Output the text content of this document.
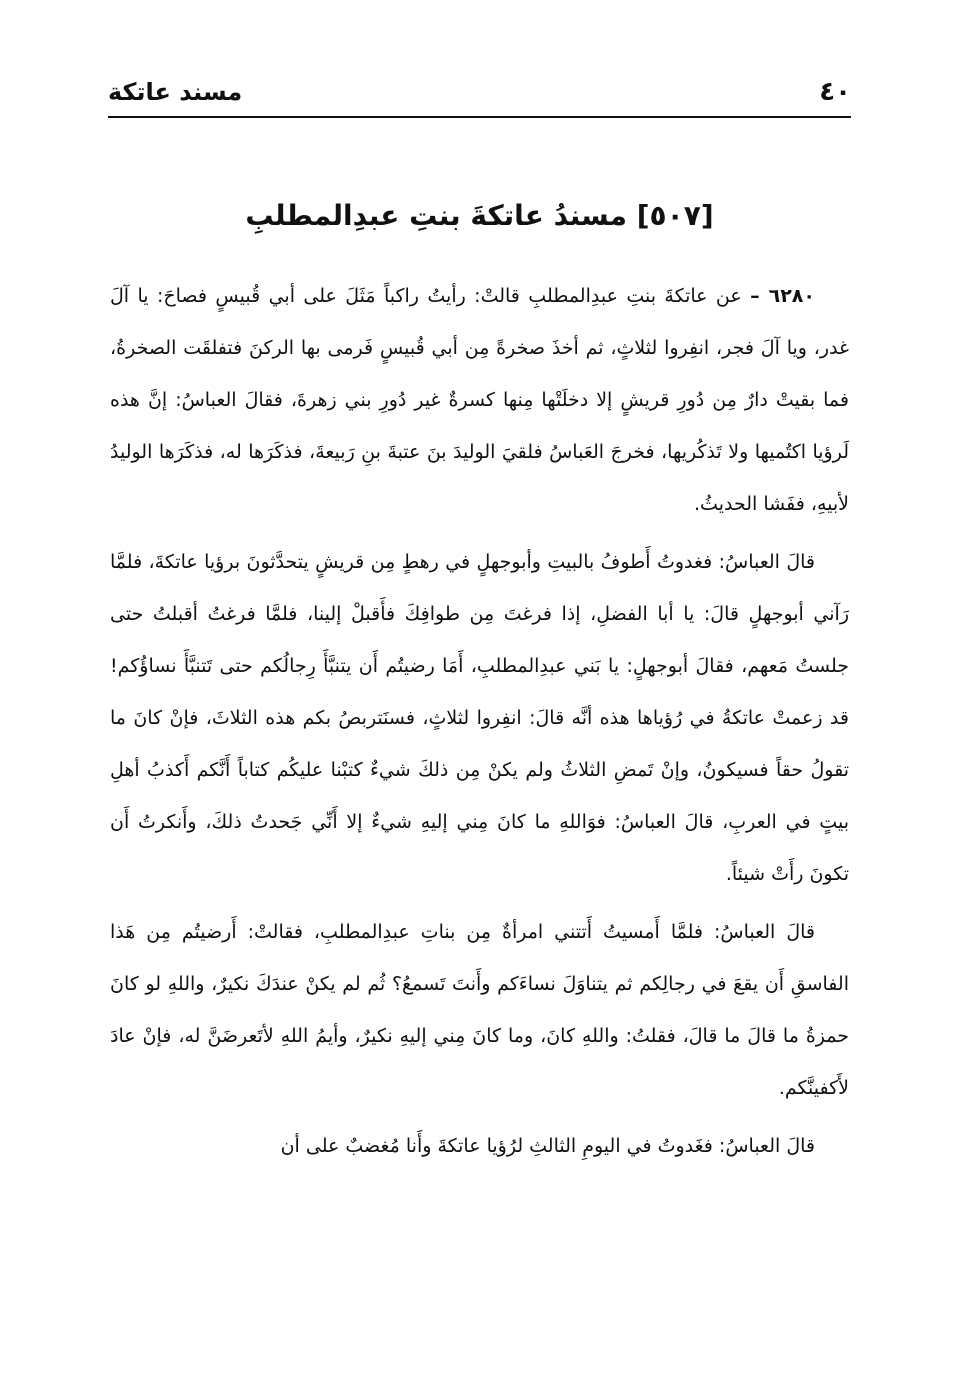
٤٠
مسند عاتكة
[٥٠٧] مسندُ عاتكةَ بنتِ عبدِالمطلبِ

٦٢٨٠ – عن عاتكةَ بنتِ عبدِالمطلبِ قالتْ: رأيتُ راكباً مَثَلَ على أبي قُبيسٍ فصاحَ: يا آلَ غدر، ويا آلَ فجر، انفِروا لثلاثٍ، ثم أخذَ صخرةً مِن أبي قُبيسٍ فَرمى بها الركنَ فتفلقَت الصخرةُ، فما بقيتْ دارٌ مِن دُورِ قريشٍ إلا دخلَتْها مِنها كسرةٌ غير دُورِ بني زهرةَ، فقالَ العباسُ: إنَّ هذه لَرؤيا اكتُميها ولا تَذكُريها، فخرجَ العَباسُ فلقيَ الوليدَ بنَ عتبةَ بنِ رَبيعةَ، فذكَرَها له، فذكَرَها الوليدُ لأبيهِ، ففَشا الحديثُ.

قالَ العباسُ: فغدوتُ أَطوفُ بالبيتِ وأبوجهلٍ في رهطٍ مِن قريشٍ يتحدَّثونَ برؤيا عاتكةَ، فلمَّا رَآني أبوجهلٍ قالَ: يا أبا الفضلِ، إذا فرغتَ مِن طوافِكَ فأَقبلْ إلينا، فلمَّا فرغتُ أقبلتُ حتى جلستُ مَعهم، فقالَ أبوجهلٍ: يا بَني عبدِالمطلبِ، أَمَا رضيتُم أَن يتنبَّأَ رِجالُكم حتى تَتنبَّأَ نساؤُكم! قد زعمتْ عاتكةُ في رُؤياها هذه أنَّه قالَ: انفِروا لثلاثٍ، فسنَتربصُ بكم هذه الثلاثَ، فإنْ كانَ ما تقولُ حقاً فسيكونُ، وإنْ تَمضِ الثلاثُ ولم يكنْ مِن ذلكَ شيءٌ كتبْنا عليكُم كتاباً أَنَّكم أَكذبُ أهلِ بيتٍ في العربِ، قالَ العباسُ: فوَاللهِ ما كانَ مِني إليهِ شيءٌ إلا أَنِّي جَحدتُ ذلكَ، وأَنكرتُ أَن تكونَ رأَتْ شيئاً.

قالَ العباسُ: فلمَّا أَمسيتُ أَتتني امرأةٌ مِن بناتِ عبدِالمطلبِ، فقالتْ: أَرضيتُم مِن هَذا الفاسقِ أَن يقعَ في رجالِكم ثم يتناوَلَ نساءَكم وأَنتَ تَسمعُ؟ ثُم لم يكنْ عندَكَ نكيرٌ، واللهِ لو كانَ حمزةُ ما قالَ ما قالَ، فقلتُ: واللهِ كانَ، وما كانَ مِني إليهِ نكيرٌ، وأيمُ اللهِ لأتَعرضَنَّ له، فإنْ عادَ لأَكفينَّكم.

قالَ العباسُ: فغَدوتُ في اليومِ الثالثِ لرُؤيا عاتكةَ وأَنا مُغضبٌ على أن
